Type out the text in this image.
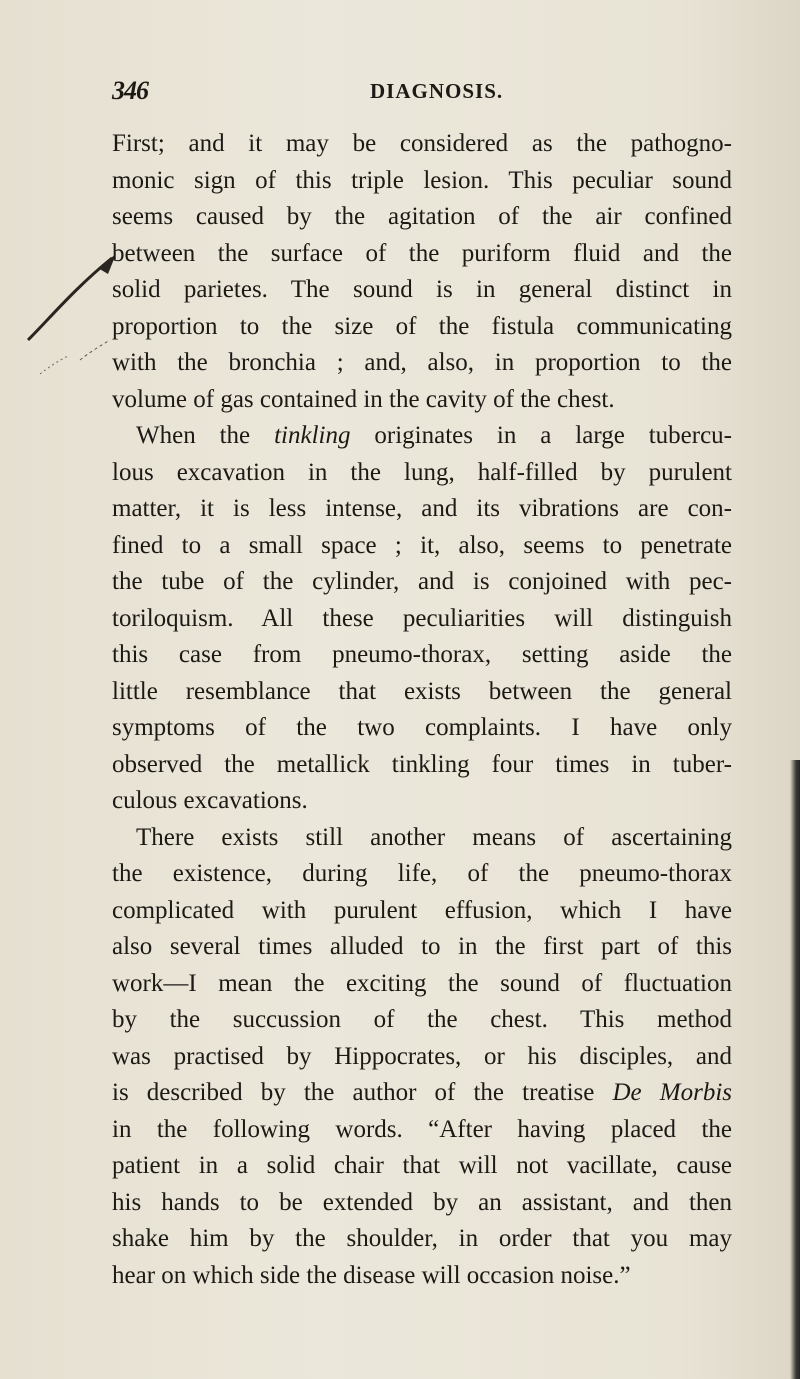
346	DIAGNOSIS.
First; and it may be considered as the pathogno-
monic sign of this triple lesion. This peculiar sound
seems caused by the agitation of the air confined
between the surface of the puriform fluid and the
solid parietes. The sound is in general distinct in
proportion to the size of the fistula communicating
with the bronchia ; and, also, in proportion to the
volume of gas contained in the cavity of the chest.
When the tinkling originates in a large tubercu-
lous excavation in the lung, half-filled by purulent
matter, it is less intense, and its vibrations are con-
fined to a small space ; it, also, seems to penetrate
the tube of the cylinder, and is conjoined with pec-
toriloquism. All these peculiarities will distinguish
this case from pneumo-thorax, setting aside the
little resemblance that exists between the general
symptoms of the two complaints. I have only
observed the metallick tinkling four times in tuber-
culous excavations.
There exists still another means of ascertaining
the existence, during life, of the pneumo-thorax
complicated with purulent effusion, which I have
also several times alluded to in the first part of this
work—I mean the exciting the sound of fluctuation
by the succussion of the chest. This method
was practised by Hippocrates, or his disciples, and
is described by the author of the treatise De Morbis
in the following words. “After having placed the
patient in a solid chair that will not vacillate, cause
his hands to be extended by an assistant, and then
shake him by the shoulder, in order that you may
hear on which side the disease will occasion noise.”
